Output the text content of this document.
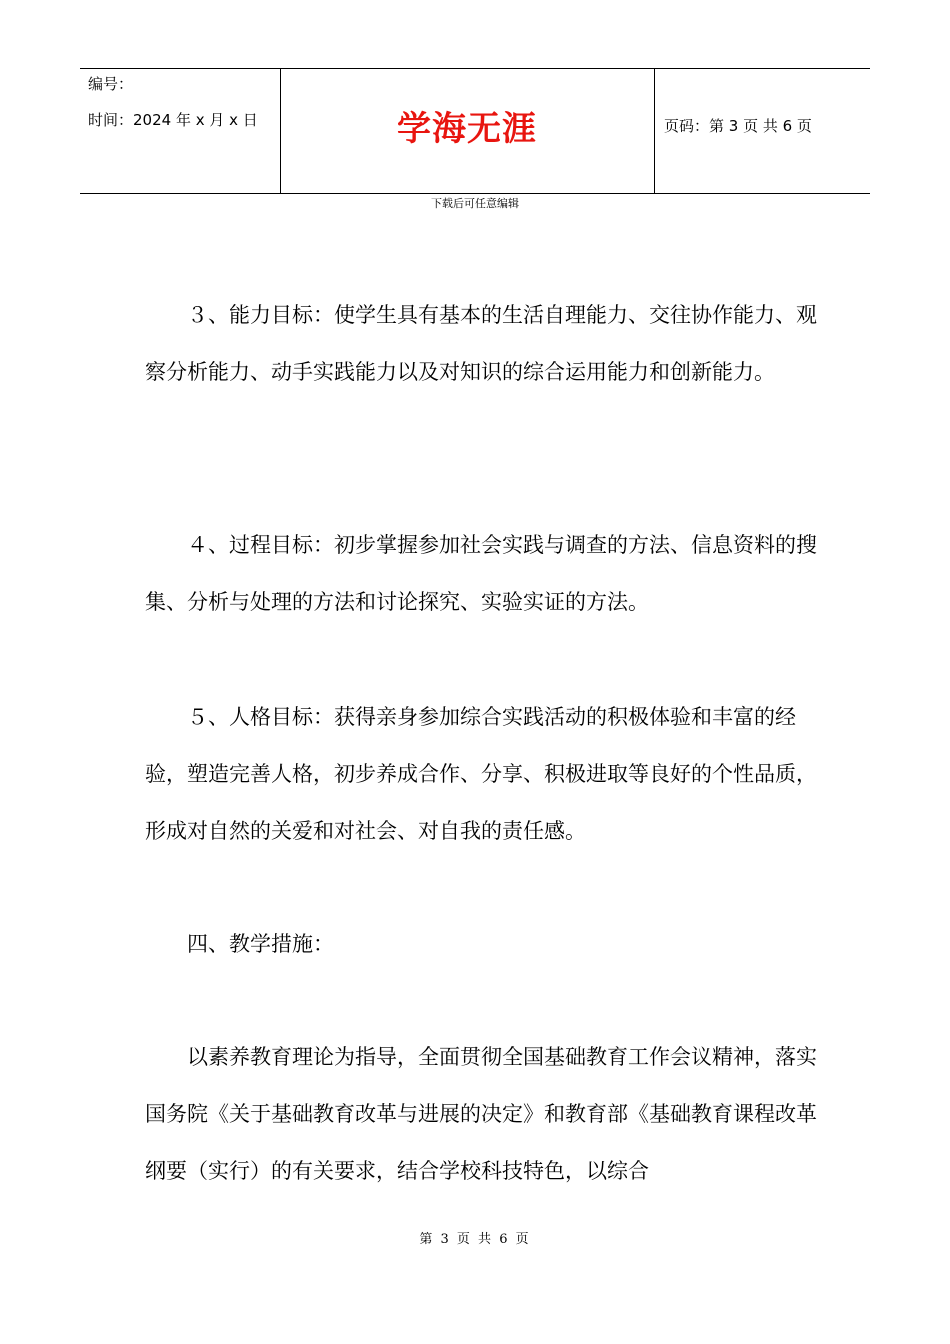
编号：
时间：2024 年 x 月 x 日	学海无涯	页码：第 3 页 共 6 页
下载后可任意编辑

３、能力目标：使学生具有基本的生活自理能力、交往协作能力、观察分析能力、动手实践能力以及对知识的综合运用能力和创新能力。

４、过程目标：初步掌握参加社会实践与调查的方法、信息资料的搜集、分析与处理的方法和讨论探究、实验实证的方法。

５、人格目标：获得亲身参加综合实践活动的积极体验和丰富的经验，塑造完善人格，初步养成合作、分享、积极进取等良好的个性品质，形成对自然的关爱和对社会、对自我的责任感。

四、教学措施：

以素养教育理论为指导，全面贯彻全国基础教育工作会议精神，落实国务院《关于基础教育改革与进展的决定》和教育部《基础教育课程改革纲要（实行）的有关要求，结合学校科技特色，以综合

第 3 页 共 6 页
